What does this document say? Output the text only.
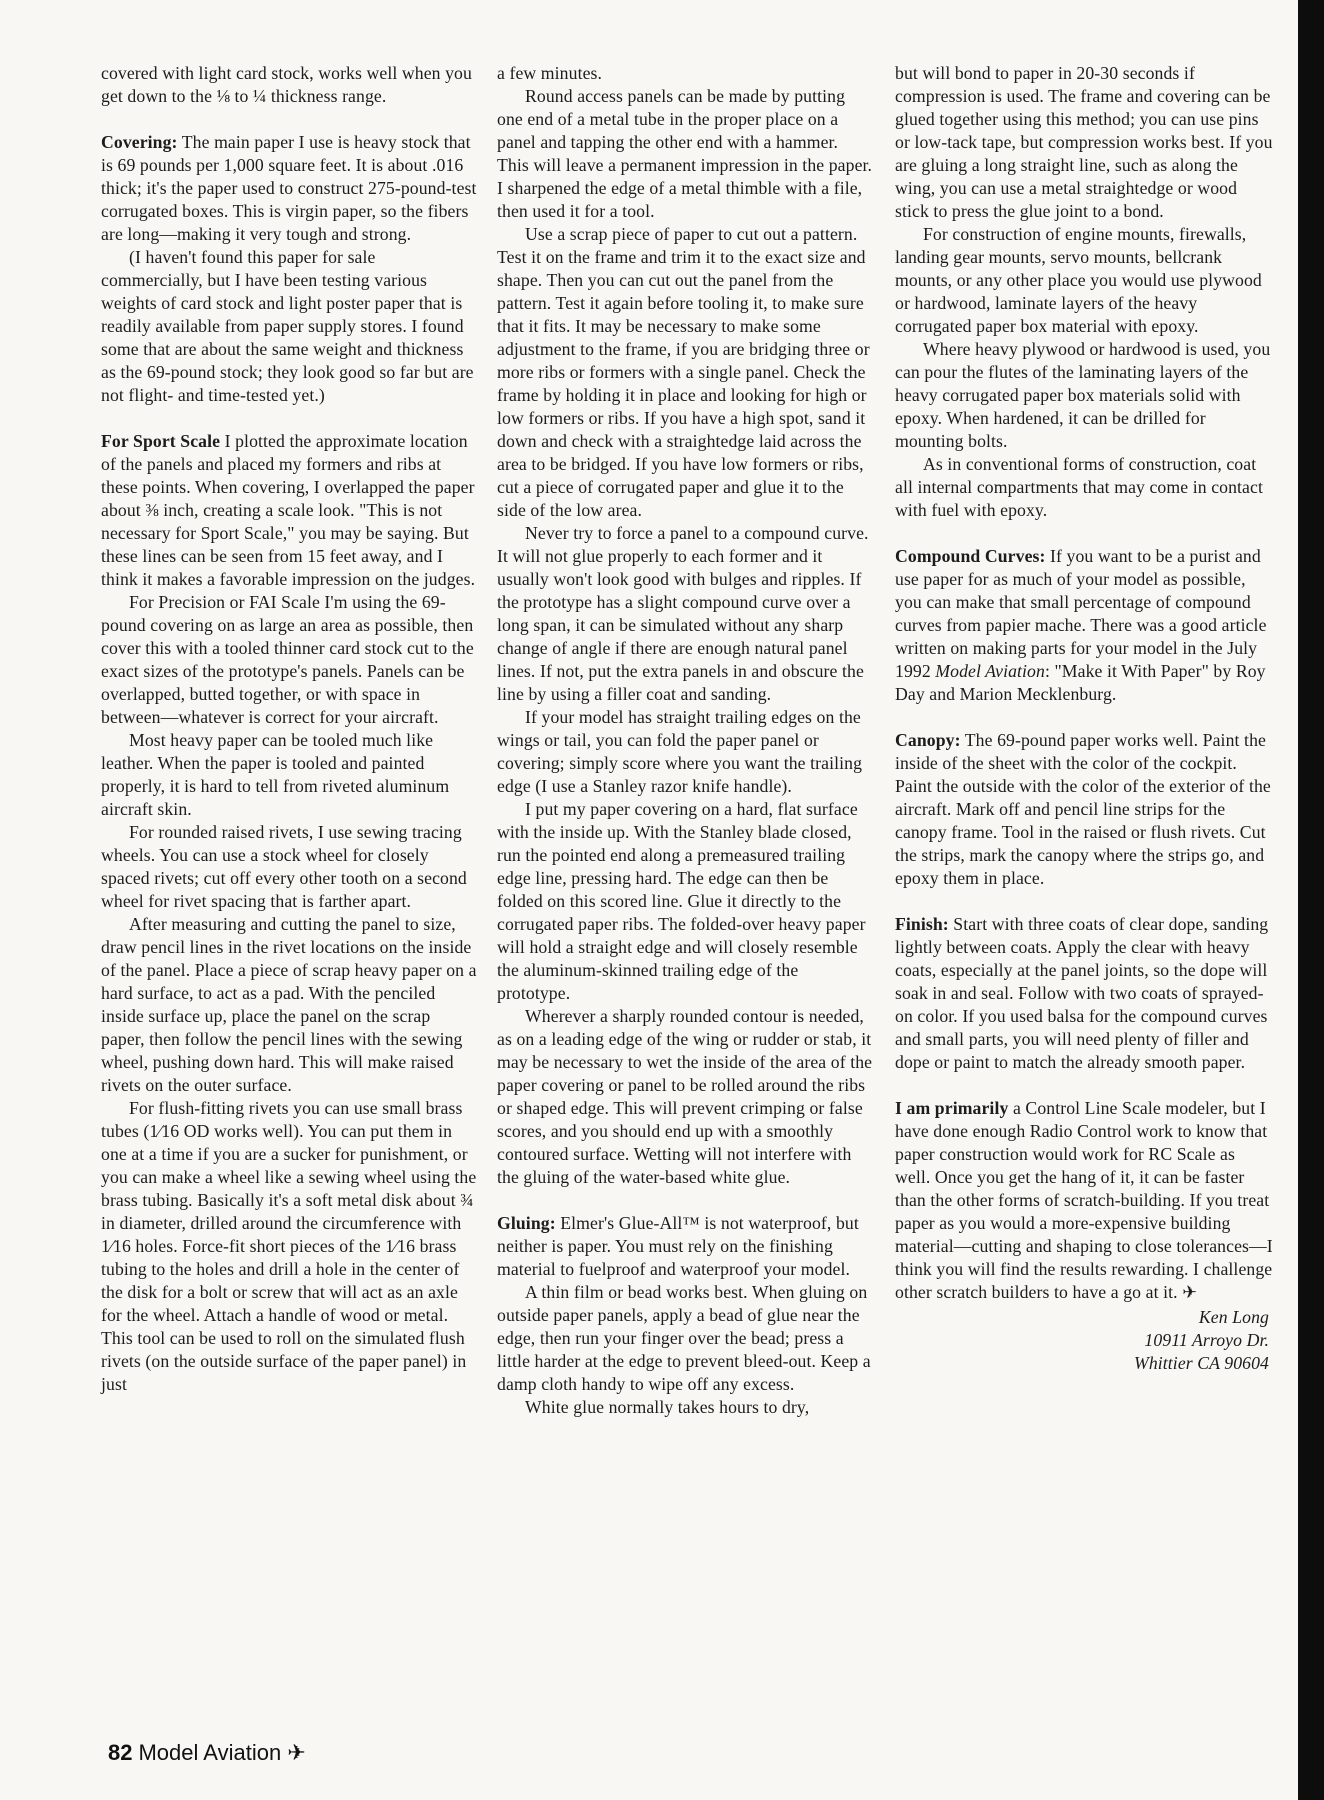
covered with light card stock, works well when you get down to the ⅛ to ¼ thickness range.

Covering: The main paper I use is heavy stock that is 69 pounds per 1,000 square feet. It is about .016 thick; it's the paper used to construct 275-pound-test corrugated boxes. This is virgin paper, so the fibers are long—making it very tough and strong.

(I haven't found this paper for sale commercially, but I have been testing various weights of card stock and light poster paper that is readily available from paper supply stores. I found some that are about the same weight and thickness as the 69-pound stock; they look good so far but are not flight- and time-tested yet.)

For Sport Scale I plotted the approximate location of the panels and placed my formers and ribs at these points. When covering, I overlapped the paper about ⅜ inch, creating a scale look. "This is not necessary for Sport Scale," you may be saying. But these lines can be seen from 15 feet away, and I think it makes a favorable impression on the judges.

For Precision or FAI Scale I'm using the 69-pound covering on as large an area as possible, then cover this with a tooled thinner card stock cut to the exact sizes of the prototype's panels. Panels can be overlapped, butted together, or with space in between—whatever is correct for your aircraft.

Most heavy paper can be tooled much like leather. When the paper is tooled and painted properly, it is hard to tell from riveted aluminum aircraft skin.

For rounded raised rivets, I use sewing tracing wheels. You can use a stock wheel for closely spaced rivets; cut off every other tooth on a second wheel for rivet spacing that is farther apart.

After measuring and cutting the panel to size, draw pencil lines in the rivet locations on the inside of the panel. Place a piece of scrap heavy paper on a hard surface, to act as a pad. With the penciled inside surface up, place the panel on the scrap paper, then follow the pencil lines with the sewing wheel, pushing down hard. This will make raised rivets on the outer surface.

For flush-fitting rivets you can use small brass tubes (1⁄16 OD works well). You can put them in one at a time if you are a sucker for punishment, or you can make a wheel like a sewing wheel using the brass tubing. Basically it's a soft metal disk about ¾ in diameter, drilled around the circumference with 1⁄16 holes. Force-fit short pieces of the 1⁄16 brass tubing to the holes and drill a hole in the center of the disk for a bolt or screw that will act as an axle for the wheel. Attach a handle of wood or metal. This tool can be used to roll on the simulated flush rivets (on the outside surface of the paper panel) in just

a few minutes.

Round access panels can be made by putting one end of a metal tube in the proper place on a panel and tapping the other end with a hammer. This will leave a permanent impression in the paper. I sharpened the edge of a metal thimble with a file, then used it for a tool.

Use a scrap piece of paper to cut out a pattern. Test it on the frame and trim it to the exact size and shape. Then you can cut out the panel from the pattern. Test it again before tooling it, to make sure that it fits. It may be necessary to make some adjustment to the frame, if you are bridging three or more ribs or formers with a single panel. Check the frame by holding it in place and looking for high or low formers or ribs. If you have a high spot, sand it down and check with a straightedge laid across the area to be bridged. If you have low formers or ribs, cut a piece of corrugated paper and glue it to the side of the low area.

Never try to force a panel to a compound curve. It will not glue properly to each former and it usually won't look good with bulges and ripples. If the prototype has a slight compound curve over a long span, it can be simulated without any sharp change of angle if there are enough natural panel lines. If not, put the extra panels in and obscure the line by using a filler coat and sanding.

If your model has straight trailing edges on the wings or tail, you can fold the paper panel or covering; simply score where you want the trailing edge (I use a Stanley razor knife handle).

I put my paper covering on a hard, flat surface with the inside up. With the Stanley blade closed, run the pointed end along a premeasured trailing edge line, pressing hard. The edge can then be folded on this scored line. Glue it directly to the corrugated paper ribs. The folded-over heavy paper will hold a straight edge and will closely resemble the aluminum-skinned trailing edge of the prototype.

Wherever a sharply rounded contour is needed, as on a leading edge of the wing or rudder or stab, it may be necessary to wet the inside of the area of the paper covering or panel to be rolled around the ribs or shaped edge. This will prevent crimping or false scores, and you should end up with a smoothly contoured surface. Wetting will not interfere with the gluing of the water-based white glue.

Gluing: Elmer's Glue-All™ is not waterproof, but neither is paper. You must rely on the finishing material to fuelproof and waterproof your model.

A thin film or bead works best. When gluing on outside paper panels, apply a bead of glue near the edge, then run your finger over the bead; press a little harder at the edge to prevent bleed-out. Keep a damp cloth handy to wipe off any excess.

White glue normally takes hours to dry,

but will bond to paper in 20-30 seconds if compression is used. The frame and covering can be glued together using this method; you can use pins or low-tack tape, but compression works best. If you are gluing a long straight line, such as along the wing, you can use a metal straightedge or wood stick to press the glue joint to a bond.

For construction of engine mounts, firewalls, landing gear mounts, servo mounts, bellcrank mounts, or any other place you would use plywood or hardwood, laminate layers of the heavy corrugated paper box material with epoxy.

Where heavy plywood or hardwood is used, you can pour the flutes of the laminating layers of the heavy corrugated paper box materials solid with epoxy. When hardened, it can be drilled for mounting bolts.

As in conventional forms of construction, coat all internal compartments that may come in contact with fuel with epoxy.

Compound Curves: If you want to be a purist and use paper for as much of your model as possible, you can make that small percentage of compound curves from papier mache. There was a good article written on making parts for your model in the July 1992 Model Aviation: "Make it With Paper" by Roy Day and Marion Mecklenburg.

Canopy: The 69-pound paper works well. Paint the inside of the sheet with the color of the cockpit. Paint the outside with the color of the exterior of the aircraft. Mark off and pencil line strips for the canopy frame. Tool in the raised or flush rivets. Cut the strips, mark the canopy where the strips go, and epoxy them in place.

Finish: Start with three coats of clear dope, sanding lightly between coats. Apply the clear with heavy coats, especially at the panel joints, so the dope will soak in and seal. Follow with two coats of sprayed-on color. If you used balsa for the compound curves and small parts, you will need plenty of filler and dope or paint to match the already smooth paper.

I am primarily a Control Line Scale modeler, but I have done enough Radio Control work to know that paper construction would work for RC Scale as well. Once you get the hang of it, it can be faster than the other forms of scratch-building. If you treat paper as you would a more-expensive building material—cutting and shaping to close tolerances—I think you will find the results rewarding. I challenge other scratch builders to have a go at it. ✈

Ken Long
10911 Arroyo Dr.
Whittier CA 90604
82 Model Aviation ✈
